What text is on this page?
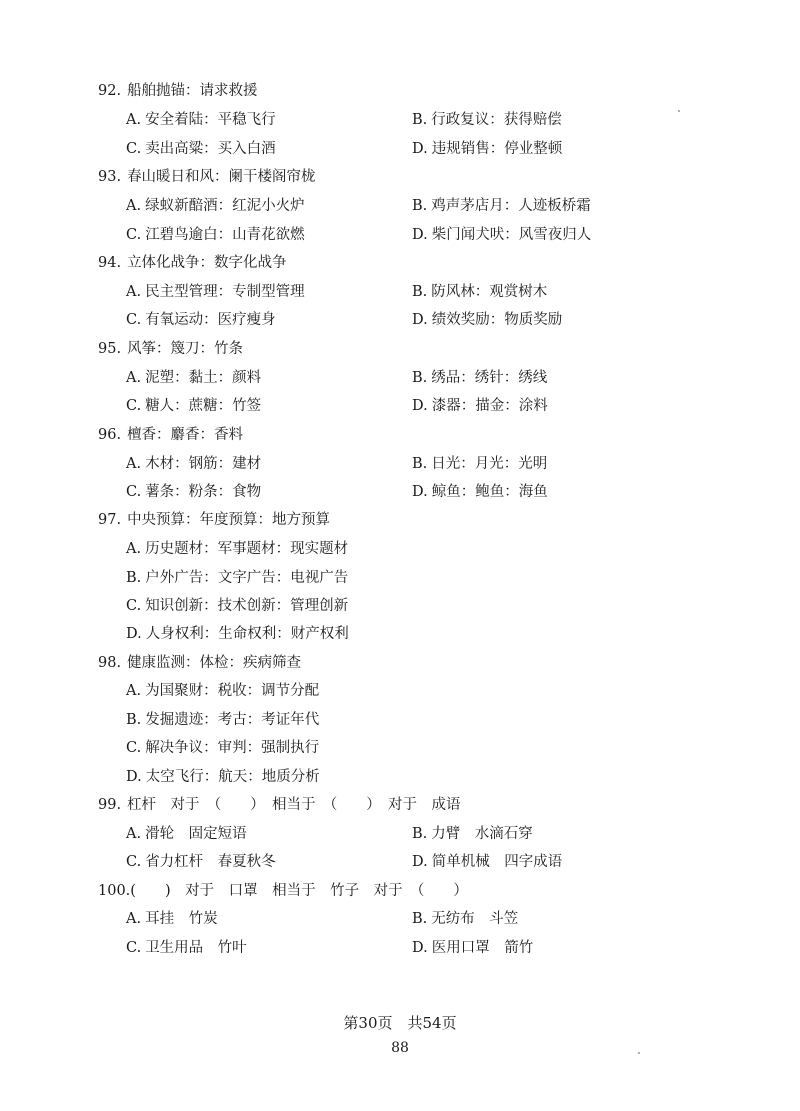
92. 船舶抛锚：请求救援
A. 安全着陆：平稳飞行	B. 行政复议：获得赔偿
C. 卖出高粱：买入白酒	D. 违规销售：停业整顿
93. 春山暖日和风：阑干楼阁帘栊
A. 绿蚁新醅酒：红泥小火炉	B. 鸡声茅店月：人迹板桥霜
C. 江碧鸟逾白：山青花欲燃	D. 柴门闻犬吠：风雪夜归人
94. 立体化战争：数字化战争
A. 民主型管理：专制型管理	B. 防风林：观赏树木
C. 有氧运动：医疗瘦身	D. 绩效奖励：物质奖励
95. 风筝：篾刀：竹条
A. 泥塑：黏土：颜料	B. 绣品：绣针：绣线
C. 糖人：蔗糖：竹签	D. 漆器：描金：涂料
96. 檀香：麝香：香料
A. 木材：钢筋：建材	B. 日光：月光：光明
C. 薯条：粉条：食物	D. 鲸鱼：鲍鱼：海鱼
97. 中央预算：年度预算：地方预算
A. 历史题材：军事题材：现实题材
B. 户外广告：文字广告：电视广告
C. 知识创新：技术创新：管理创新
D. 人身权利：生命权利：财产权利
98. 健康监测：体检：疾病筛查
A. 为国聚财：税收：调节分配
B. 发掘遗迹：考古：考证年代
C. 解决争议：审判：强制执行
D. 太空飞行：航天：地质分析
99. 杠杆　对于　（　　）　相当于　（　　）　对于　成语
A. 滑轮　固定短语	B. 力臂　水滴石穿
C. 省力杠杆　春夏秋冬	D. 简单机械　四字成语
100.(　　)　对于　口罩　相当于　竹子　对于　（　　）
A. 耳挂　竹炭	B. 无纺布　斗笠
C. 卫生用品　竹叶	D. 医用口罩　箭竹
第30页　共54页
88
